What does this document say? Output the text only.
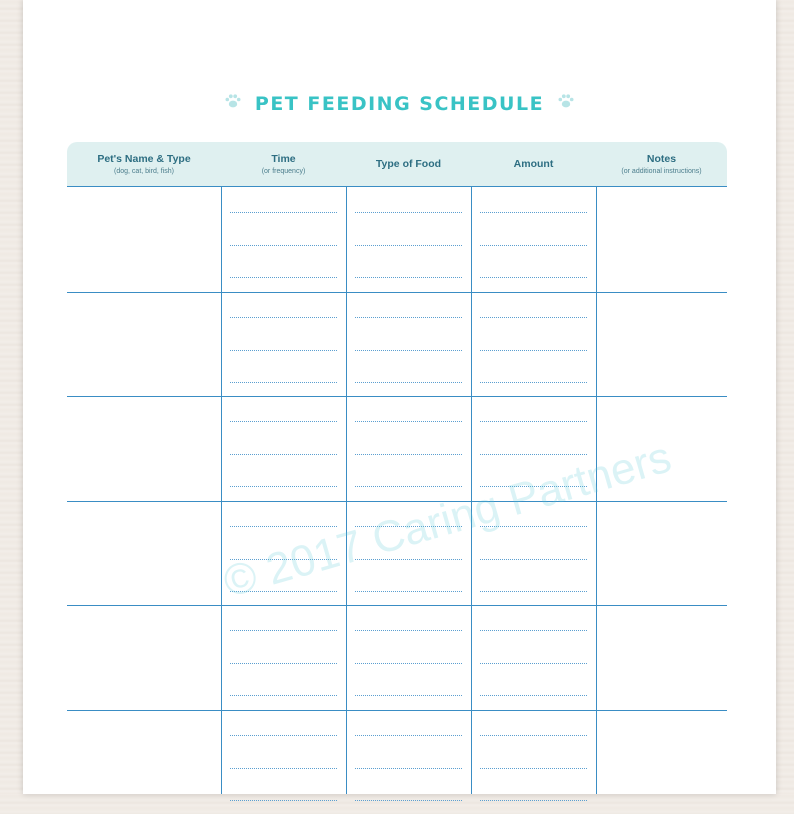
PET FEEDING SCHEDULE
Pet's Name & Type
(dog, cat, bird, fish)
Time
(or frequency)
Type of Food	Amount	Notes
(or additional instructions)
© 2017 Caring Partners
